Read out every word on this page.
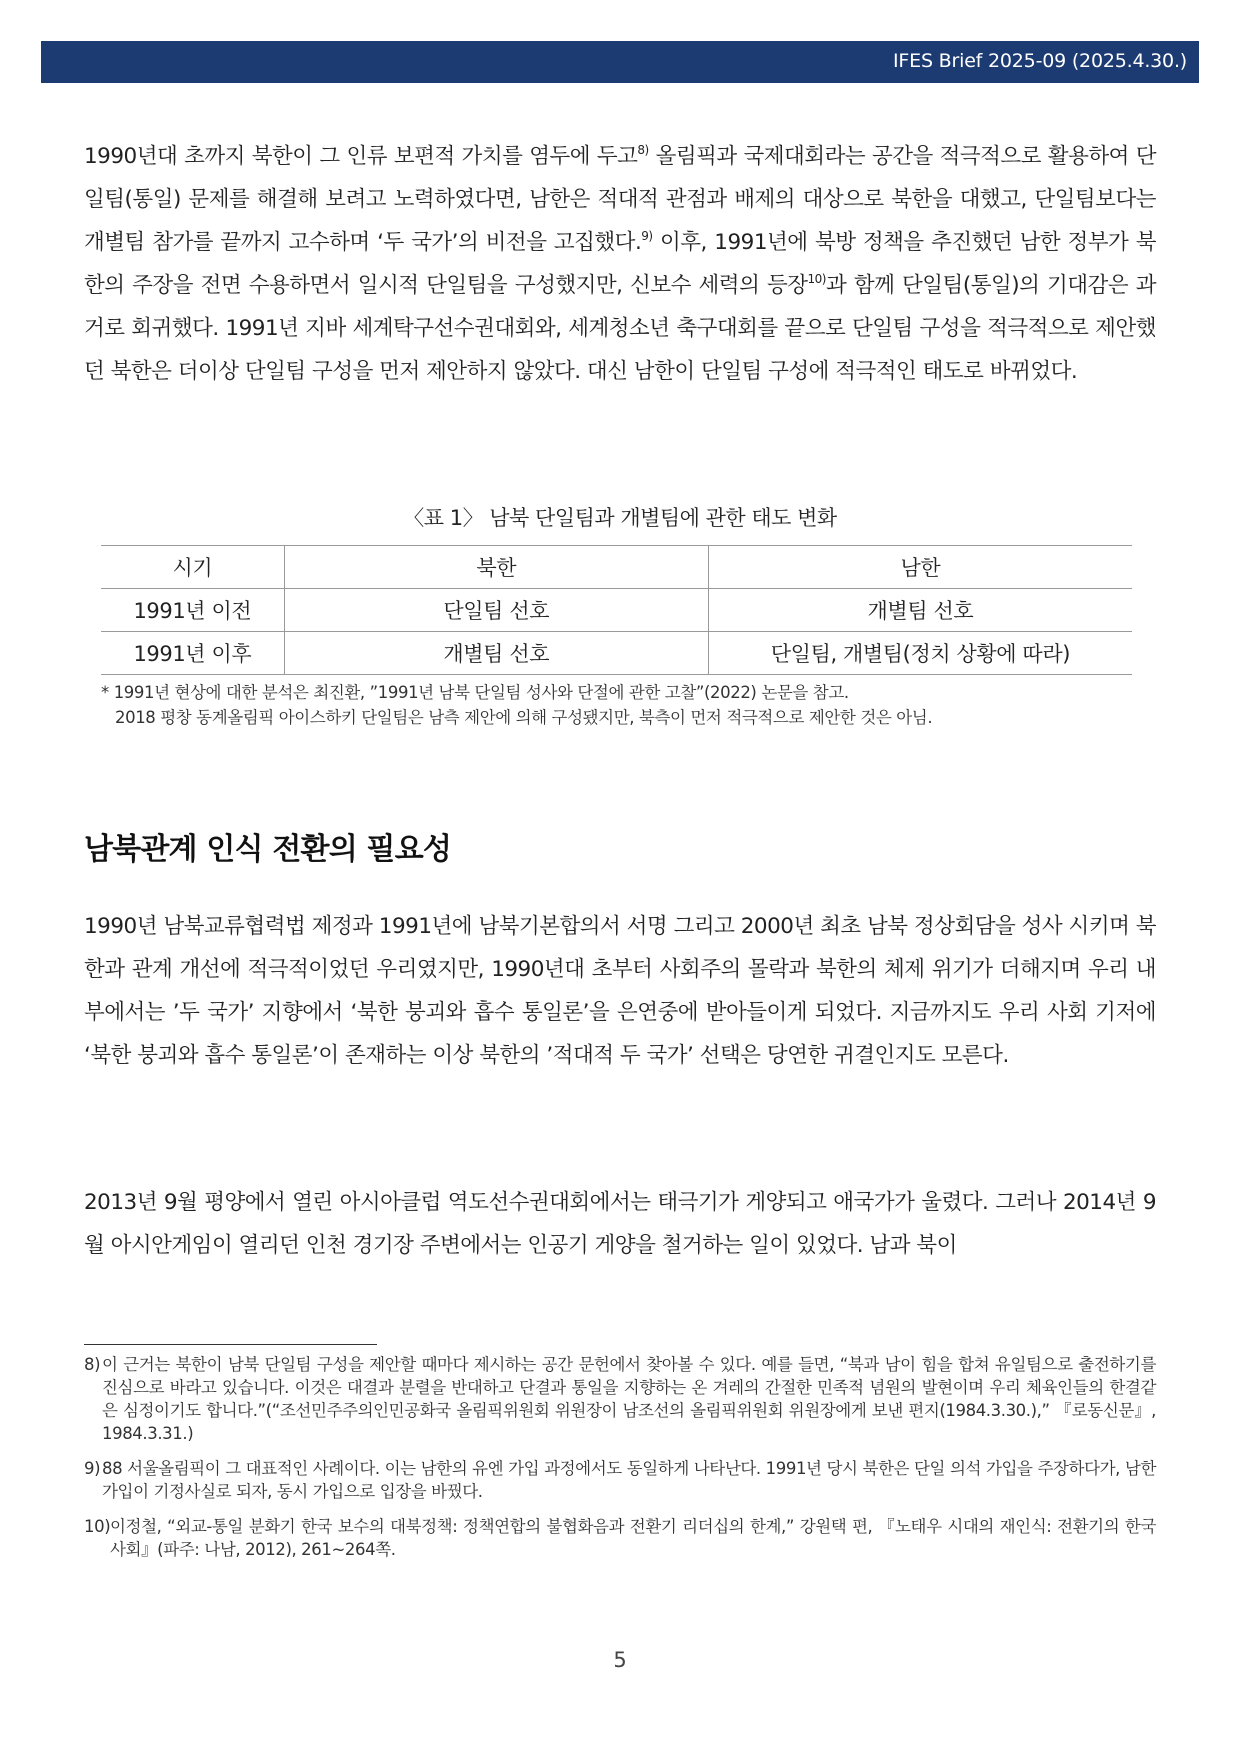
IFES Brief 2025-09 (2025.4.30.)

1990년대 초까지 북한이 그 인류 보편적 가치를 염두에 두고$^{8)}$ 올림픽과 국제대회라는 공간을 적극적으로 활용하여 단일팀(통일) 문제를 해결해 보려고 노력하였다면, 남한은 적대적 관점과 배제의 대상으로 북한을 대했고, 단일팀보다는 개별팀 참가를 끝까지 고수하며 ‘두 국가’의 비전을 고집했다.$^{9)}$ 이후, 1991년에 북방 정책을 추진했던 남한 정부가 북한의 주장을 전면 수용하면서 일시적 단일팀을 구성했지만, 신보수 세력의 등장$^{10)}$과 함께 단일팀(통일)의 기대감은 과거로 회귀했다. 1991년 지바 세계탁구선수권대회와, 세계청소년 축구대회를 끝으로 단일팀 구성을 적극적으로 제안했던 북한은 더이상 단일팀 구성을 먼저 제안하지 않았다. 대신 남한이 단일팀 구성에 적극적인 태도로 바뀌었다.

〈표 1〉 남북 단일팀과 개별팀에 관한 태도 변화
시기	북한	남한
1991년 이전	단일팀 선호	개별팀 선호
1991년 이후	개별팀 선호	단일팀, 개별팀(정치 상황에 따라)
* 1991년 현상에 대한 분석은 최진환, ”1991년 남북 단일팀 성사와 단절에 관한 고찰”(2022) 논문을 참고.
2018 평창 동계올림픽 아이스하키 단일팀은 남측 제안에 의해 구성됐지만, 북측이 먼저 적극적으로 제안한 것은 아님.
남북관계 인식 전환의 필요성

1990년 남북교류협력법 제정과 1991년에 남북기본합의서 서명 그리고 2000년 최초 남북 정상회담을 성사 시키며 북한과 관계 개선에 적극적이었던 우리였지만, 1990년대 초부터 사회주의 몰락과 북한의 체제 위기가 더해지며 우리 내부에서는 ’두 국가’ 지향에서 ‘북한 붕괴와 흡수 통일론’을 은연중에 받아들이게 되었다. 지금까지도 우리 사회 기저에 ‘북한 붕괴와 흡수 통일론’이 존재하는 이상 북한의 ’적대적 두 국가’ 선택은 당연한 귀결인지도 모른다.

2013년 9월 평양에서 열린 아시아클럽 역도선수권대회에서는 태극기가 게양되고 애국가가 울렸다. 그러나 2014년 9월 아시안게임이 열리던 인천 경기장 주변에서는 인공기 게양을 철거하는 일이 있었다. 남과 북이

8) 이 근거는 북한이 남북 단일팀 구성을 제안할 때마다 제시하는 공간 문헌에서 찾아볼 수 있다. 예를 들면, “북과 남이 힘을 합쳐 유일팀으로 출전하기를 진심으로 바라고 있습니다. 이것은 대결과 분렬을 반대하고 단결과 통일을 지향하는 온 겨레의 간절한 민족적 념원의 발현이며 우리 체육인들의 한결같은 심정이기도 합니다.”(“조선민주주의인민공화국 올림픽위원회 위원장이 남조선의 올림픽위원회 위원장에게 보낸 편지(1984.3.30.),” 『로동신문』, 1984.3.31.)
9) 88 서울올림픽이 그 대표적인 사례이다. 이는 남한의 유엔 가입 과정에서도 동일하게 나타난다. 1991년 당시 북한은 단일 의석 가입을 주장하다가, 남한 가입이 기정사실로 되자, 동시 가입으로 입장을 바꿨다.
10) 이정철, “외교-통일 분화기 한국 보수의 대북정책: 정책연합의 불협화음과 전환기 리더십의 한계,” 강원택 편, 『노태우 시대의 재인식: 전환기의 한국 사회』(파주: 나남, 2012), 261~264쪽.
5
